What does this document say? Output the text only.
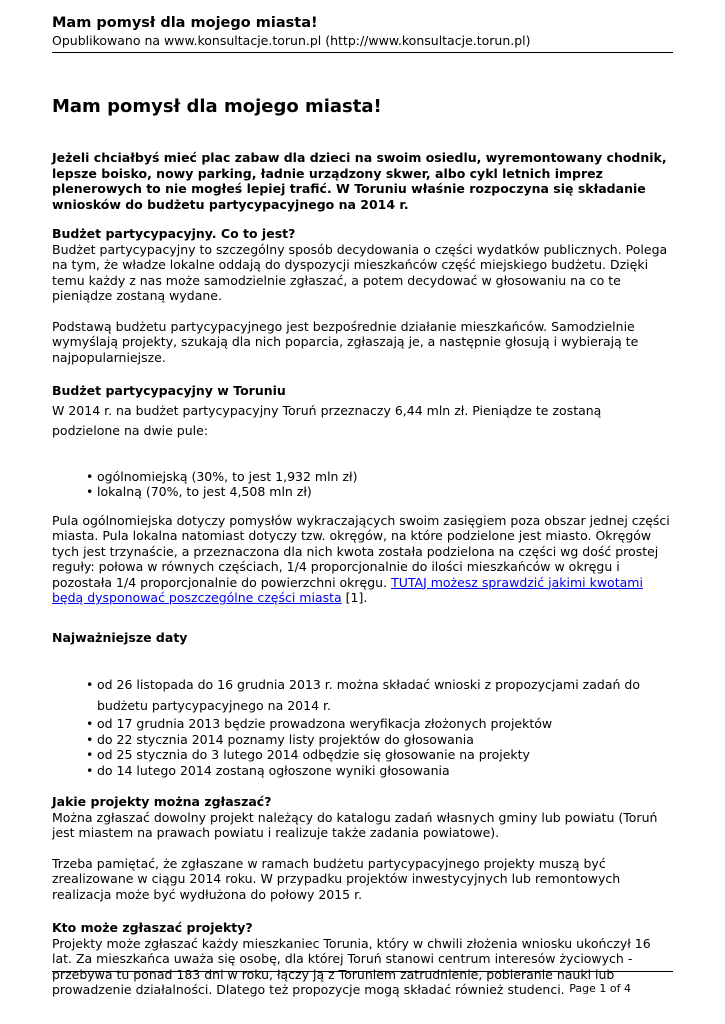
Mam pomysł dla mojego miasta!
Opublikowano na www.konsultacje.torun.pl (http://www.konsultacje.torun.pl)
Mam pomysł dla mojego miasta!

Jeżeli chciałbyś mieć plac zabaw dla dzieci na swoim osiedlu, wyremontowany chodnik, lepsze boisko, nowy parking, ładnie urządzony skwer, albo cykl letnich imprez plenerowych to nie mogłeś lepiej trafić. W Toruniu właśnie rozpoczyna się składanie wniosków do budżetu partycypacyjnego na 2014 r.

Budżet partycypacyjny. Co to jest?

Budżet partycypacyjny to szczególny sposób decydowania o części wydatków publicznych. Polega na tym, że władze lokalne oddają do dyspozycji mieszkańców część miejskiego budżetu. Dzięki temu każdy z nas może samodzielnie zgłaszać, a potem decydować w głosowaniu na co te pieniądze zostaną wydane.

Podstawą budżetu partycypacyjnego jest bezpośrednie działanie mieszkańców. Samodzielnie wymyślają projekty, szukają dla nich poparcia, zgłaszają je, a następnie głosują i wybierają te najpopularniejsze.

Budżet partycypacyjny w Toruniu

W 2014 r. na budżet partycypacyjny Toruń przeznaczy 6,44 mln zł. Pieniądze te zostaną podzielone na dwie pule:

• ogólnomiejską (30%, to jest 1,932 mln zł)
• lokalną (70%, to jest 4,508 mln zł)

Pula ogólnomiejska dotyczy pomysłów wykraczających swoim zasięgiem poza obszar jednej części miasta. Pula lokalna natomiast dotyczy tzw. okręgów, na które podzielone jest miasto. Okręgów tych jest trzynaście, a przeznaczona dla nich kwota została podzielona na części wg dość prostej reguły: połowa w równych częściach, 1/4 proporcjonalnie do ilości mieszkańców w okręgu i pozostała 1/4 proporcjonalnie do powierzchni okręgu. TUTAJ możesz sprawdzić jakimi kwotami będą dysponować poszczególne części miasta [1].

Najważniejsze daty
• od 26 listopada do 16 grudnia 2013 r. można składać wnioski z propozycjami zadań do budżetu partycypacyjnego na 2014 r.
• od 17 grudnia 2013 będzie prowadzona weryfikacja złożonych projektów
• do 22 stycznia 2014 poznamy listy projektów do głosowania
• od 25 stycznia do 3 lutego 2014 odbędzie się głosowanie na projekty
• do 14 lutego 2014 zostaną ogłoszone wyniki głosowania
Jakie projekty można zgłaszać?

Można zgłaszać dowolny projekt należący do katalogu zadań własnych gminy lub powiatu (Toruń jest miastem na prawach powiatu i realizuje także zadania powiatowe).

Trzeba pamiętać, że zgłaszane w ramach budżetu partycypacyjnego projekty muszą być zrealizowane w ciągu 2014 roku. W przypadku projektów inwestycyjnych lub remontowych realizacja może być wydłużona do połowy 2015 r.

Kto może zgłaszać projekty?

Projekty może zgłaszać każdy mieszkaniec Torunia, który w chwili złożenia wniosku ukończył 16 lat. Za mieszkańca uważa się osobę, dla której Toruń stanowi centrum interesów życiowych - przebywa tu ponad 183 dni w roku, łączy ją z Toruniem zatrudnienie, pobieranie nauki lub prowadzenie działalności. Dlatego też propozycje mogą składać również studenci. Page 1 of 4
